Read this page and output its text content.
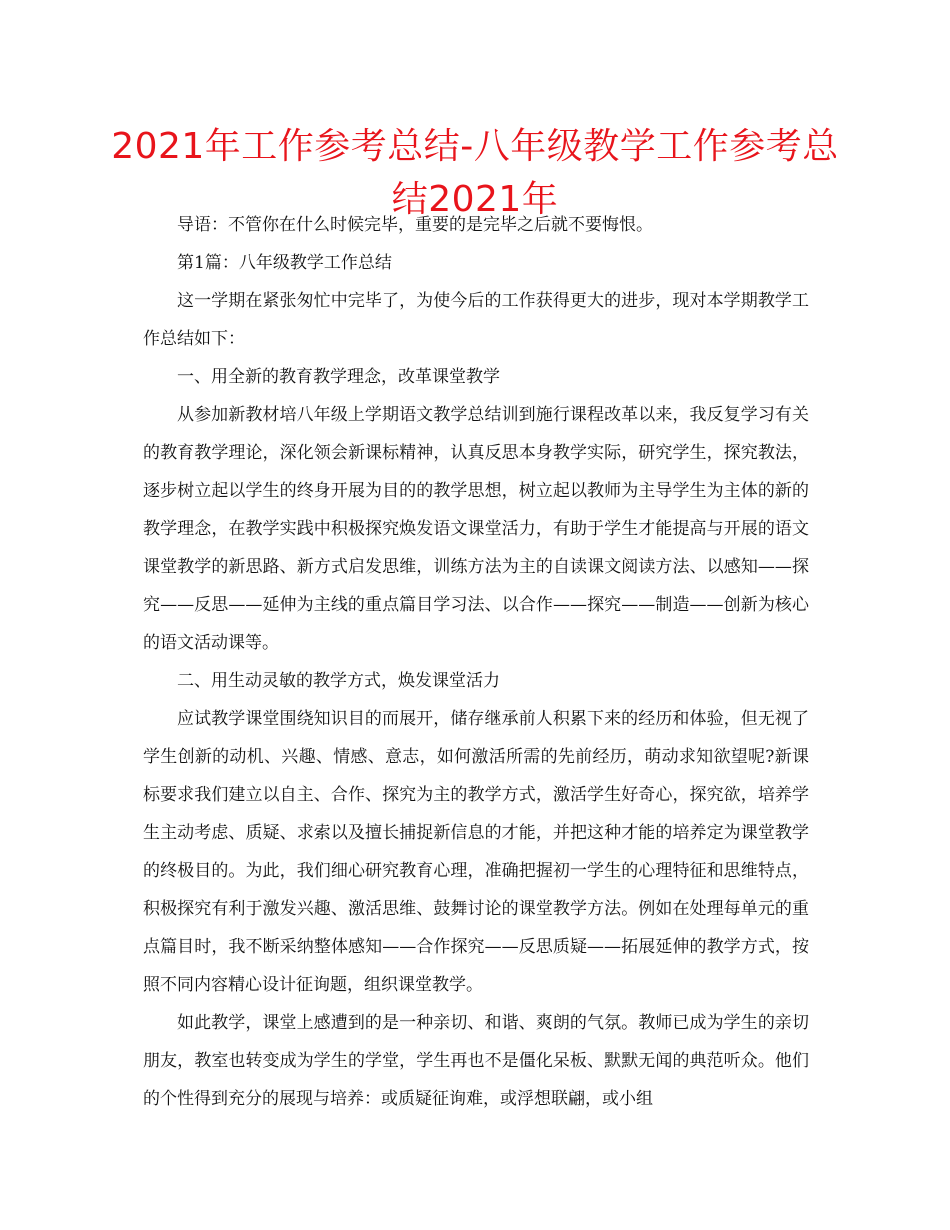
2021年工作参考总结-八年级教学工作参考总结2021年

导语：不管你在什么时候完毕，重要的是完毕之后就不要悔恨。

第1篇：八年级教学工作总结

这一学期在紧张匆忙中完毕了，为使今后的工作获得更大的进步，现对本学期教学工作总结如下：

一、用全新的教育教学理念，改革课堂教学

从参加新教材培八年级上学期语文教学总结训到施行课程改革以来，我反复学习有关的教育教学理论，深化领会新课标精神，认真反思本身教学实际，研究学生，探究教法，逐步树立起以学生的终身开展为目的的教学思想，树立起以教师为主导学生为主体的新的教学理念，在教学实践中积极探究焕发语文课堂活力，有助于学生才能提高与开展的语文课堂教学的新思路、新方式启发思维，训练方法为主的自读课文阅读方法、以感知——探究——反思——延伸为主线的重点篇目学习法、以合作——探究——制造——创新为核心的语文活动课等。

二、用生动灵敏的教学方式，焕发课堂活力

应试教学课堂围绕知识目的而展开，储存继承前人积累下来的经历和体验，但无视了学生创新的动机、兴趣、情感、意志，如何激活所需的先前经历，萌动求知欲望呢?新课标要求我们建立以自主、合作、探究为主的教学方式，激活学生好奇心，探究欲，培养学生主动考虑、质疑、求索以及擅长捕捉新信息的才能，并把这种才能的培养定为课堂教学的终极目的。为此，我们细心研究教育心理，准确把握初一学生的心理特征和思维特点，积极探究有利于激发兴趣、激活思维、鼓舞讨论的课堂教学方法。例如在处理每单元的重点篇目时，我不断采纳整体感知——合作探究——反思质疑——拓展延伸的教学方式，按照不同内容精心设计征询题，组织课堂教学。

如此教学，课堂上感遭到的是一种亲切、和谐、爽朗的气氛。教师已成为学生的亲切朋友，教室也转变成为学生的学堂，学生再也不是僵化呆板、默默无闻的典范听众。他们的个性得到充分的展现与培养：或质疑征询难，或浮想联翩，或小组
